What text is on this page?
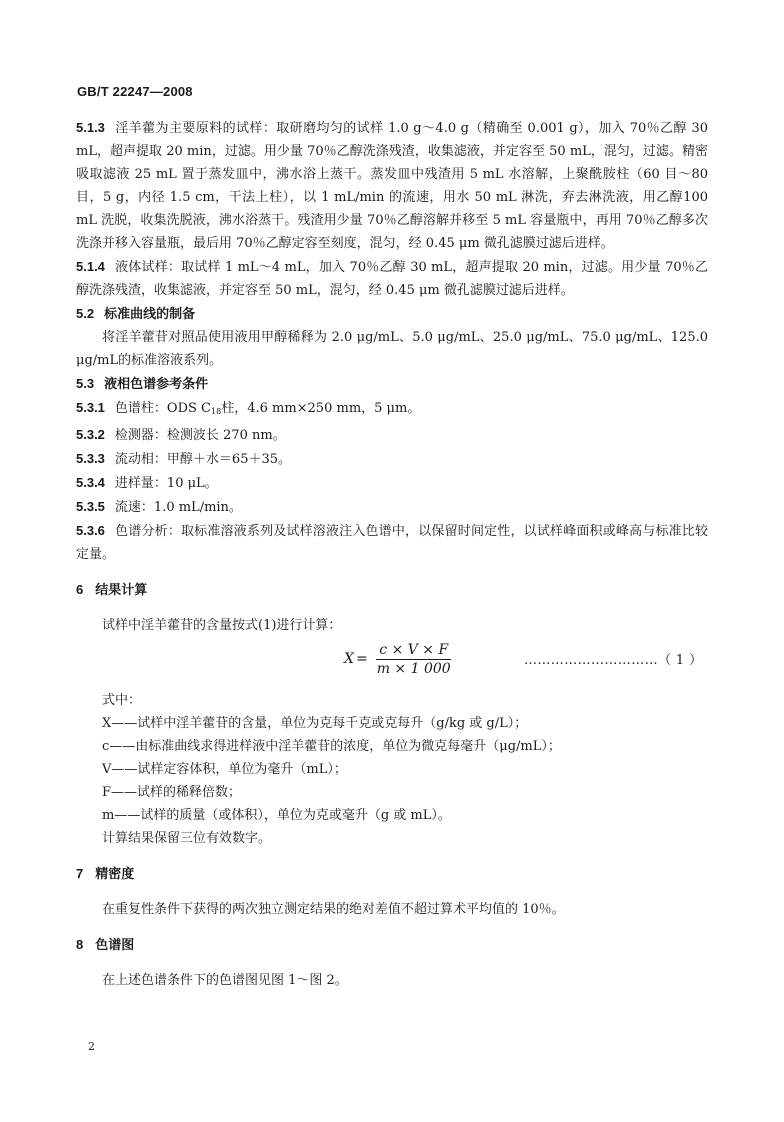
GB/T 22247—2008

5.1.3 淫羊藿为主要原料的试样：取研磨均匀的试样 1.0 g～4.0 g（精确至 0.001 g），加入 70％乙醇 30 mL，超声提取 20 min，过滤。用少量 70％乙醇洗涤残渣，收集滤液，并定容至 50 mL，混匀，过滤。精密吸取滤液 25 mL 置于蒸发皿中，沸水浴上蒸干。蒸发皿中残渣用 5 mL 水溶解，上聚酰胺柱（60 目～80 目，5 g，内径 1.5 cm，干法上柱），以 1 mL/min 的流速，用水 50 mL 淋洗，弃去淋洗液，用乙醇100 mL 洗脱，收集洗脱液，沸水浴蒸干。残渣用少量 70％乙醇溶解并移至 5 mL 容量瓶中，再用 70％乙醇多次洗涤并移入容量瓶，最后用 70％乙醇定容至刻度，混匀，经 0.45 μm 微孔滤膜过滤后进样。

5.1.4 液体试样：取试样 1 mL～4 mL，加入 70％乙醇 30 mL，超声提取 20 min，过滤。用少量 70％乙醇洗涤残渣，收集滤液，并定容至 50 mL，混匀，经 0.45 μm 微孔滤膜过滤后进样。

5.2 标准曲线的制备

将淫羊藿苷对照品使用液用甲醇稀释为 2.0 μg/mL、5.0 μg/mL、25.0 μg/mL、75.0 μg/mL、125.0 μg/mL的标准溶液系列。

5.3 液相色谱参考条件

5.3.1 色谱柱：ODS $C_{18}$柱，4.6 mm×250 mm，5 μm。

5.3.2 检测器：检测波长 270 nm。

5.3.3 流动相：甲醇＋水＝65＋35。

5.3.4 进样量：10 μL。

5.3.5 流速：1.0 mL/min。

5.3.6 色谱分析：取标准溶液系列及试样溶液注入色谱中，以保留时间定性，以试样峰面积或峰高与标准比较定量。

6 结果计算

试样中淫羊藿苷的含量按式(1)进行计算：

$X = \frac{c \times V \times F}{m \times 1 000}$	…………………………（ 1 ）

式中：

X——试样中淫羊藿苷的含量，单位为克每千克或克每升（g/kg 或 g/L）；

c——由标准曲线求得进样液中淫羊藿苷的浓度，单位为微克每毫升（μg/mL）；

V——试样定容体积，单位为毫升（mL）；

F——试样的稀释倍数；

m——试样的质量（或体积），单位为克或毫升（g 或 mL）。

计算结果保留三位有效数字。

7 精密度

在重复性条件下获得的两次独立测定结果的绝对差值不超过算术平均值的 10％。

8 色谱图

在上述色谱条件下的色谱图见图 1～图 2。

2
